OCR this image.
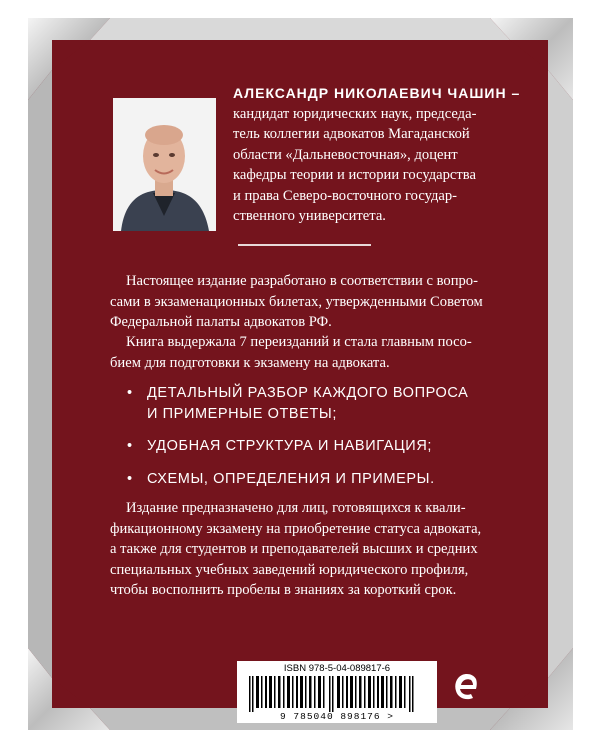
АЛЕКСАНДР НИКОЛАЕВИЧ ЧАШИН –
кандидат юридических наук, председа-
тель коллегии адвокатов Магаданской
области «Дальневосточная», доцент
кафедры теории и истории государства
и права Северо-восточного государ-
ственного университета.
Настоящее издание разработано в соответствии с вопро-
сами в экзаменационных билетах, утвержденными Советом
Федеральной палаты адвокатов РФ.
Книга выдержала 7 переизданий и стала главным посо-
бием для подготовки к экзамену на адвоката.
• ДЕТАЛЬНЫЙ РАЗБОР КАЖДОГО ВОПРОСА
И ПРИМЕРНЫЕ ОТВЕТЫ;
• УДОБНАЯ СТРУКТУРА И НАВИГАЦИЯ;
• СХЕМЫ, ОПРЕДЕЛЕНИЯ И ПРИМЕРЫ.
Издание предназначено для лиц, готовящихся к квали-
фикационному экзамену на приобретение статуса адвоката,
а также для студентов и преподавателей высших и средних
специальных учебных заведений юридического профиля,
чтобы восполнить пробелы в знаниях за короткий срок.
ISBN 978-5-04-089817-6
9 785040 898176 >
